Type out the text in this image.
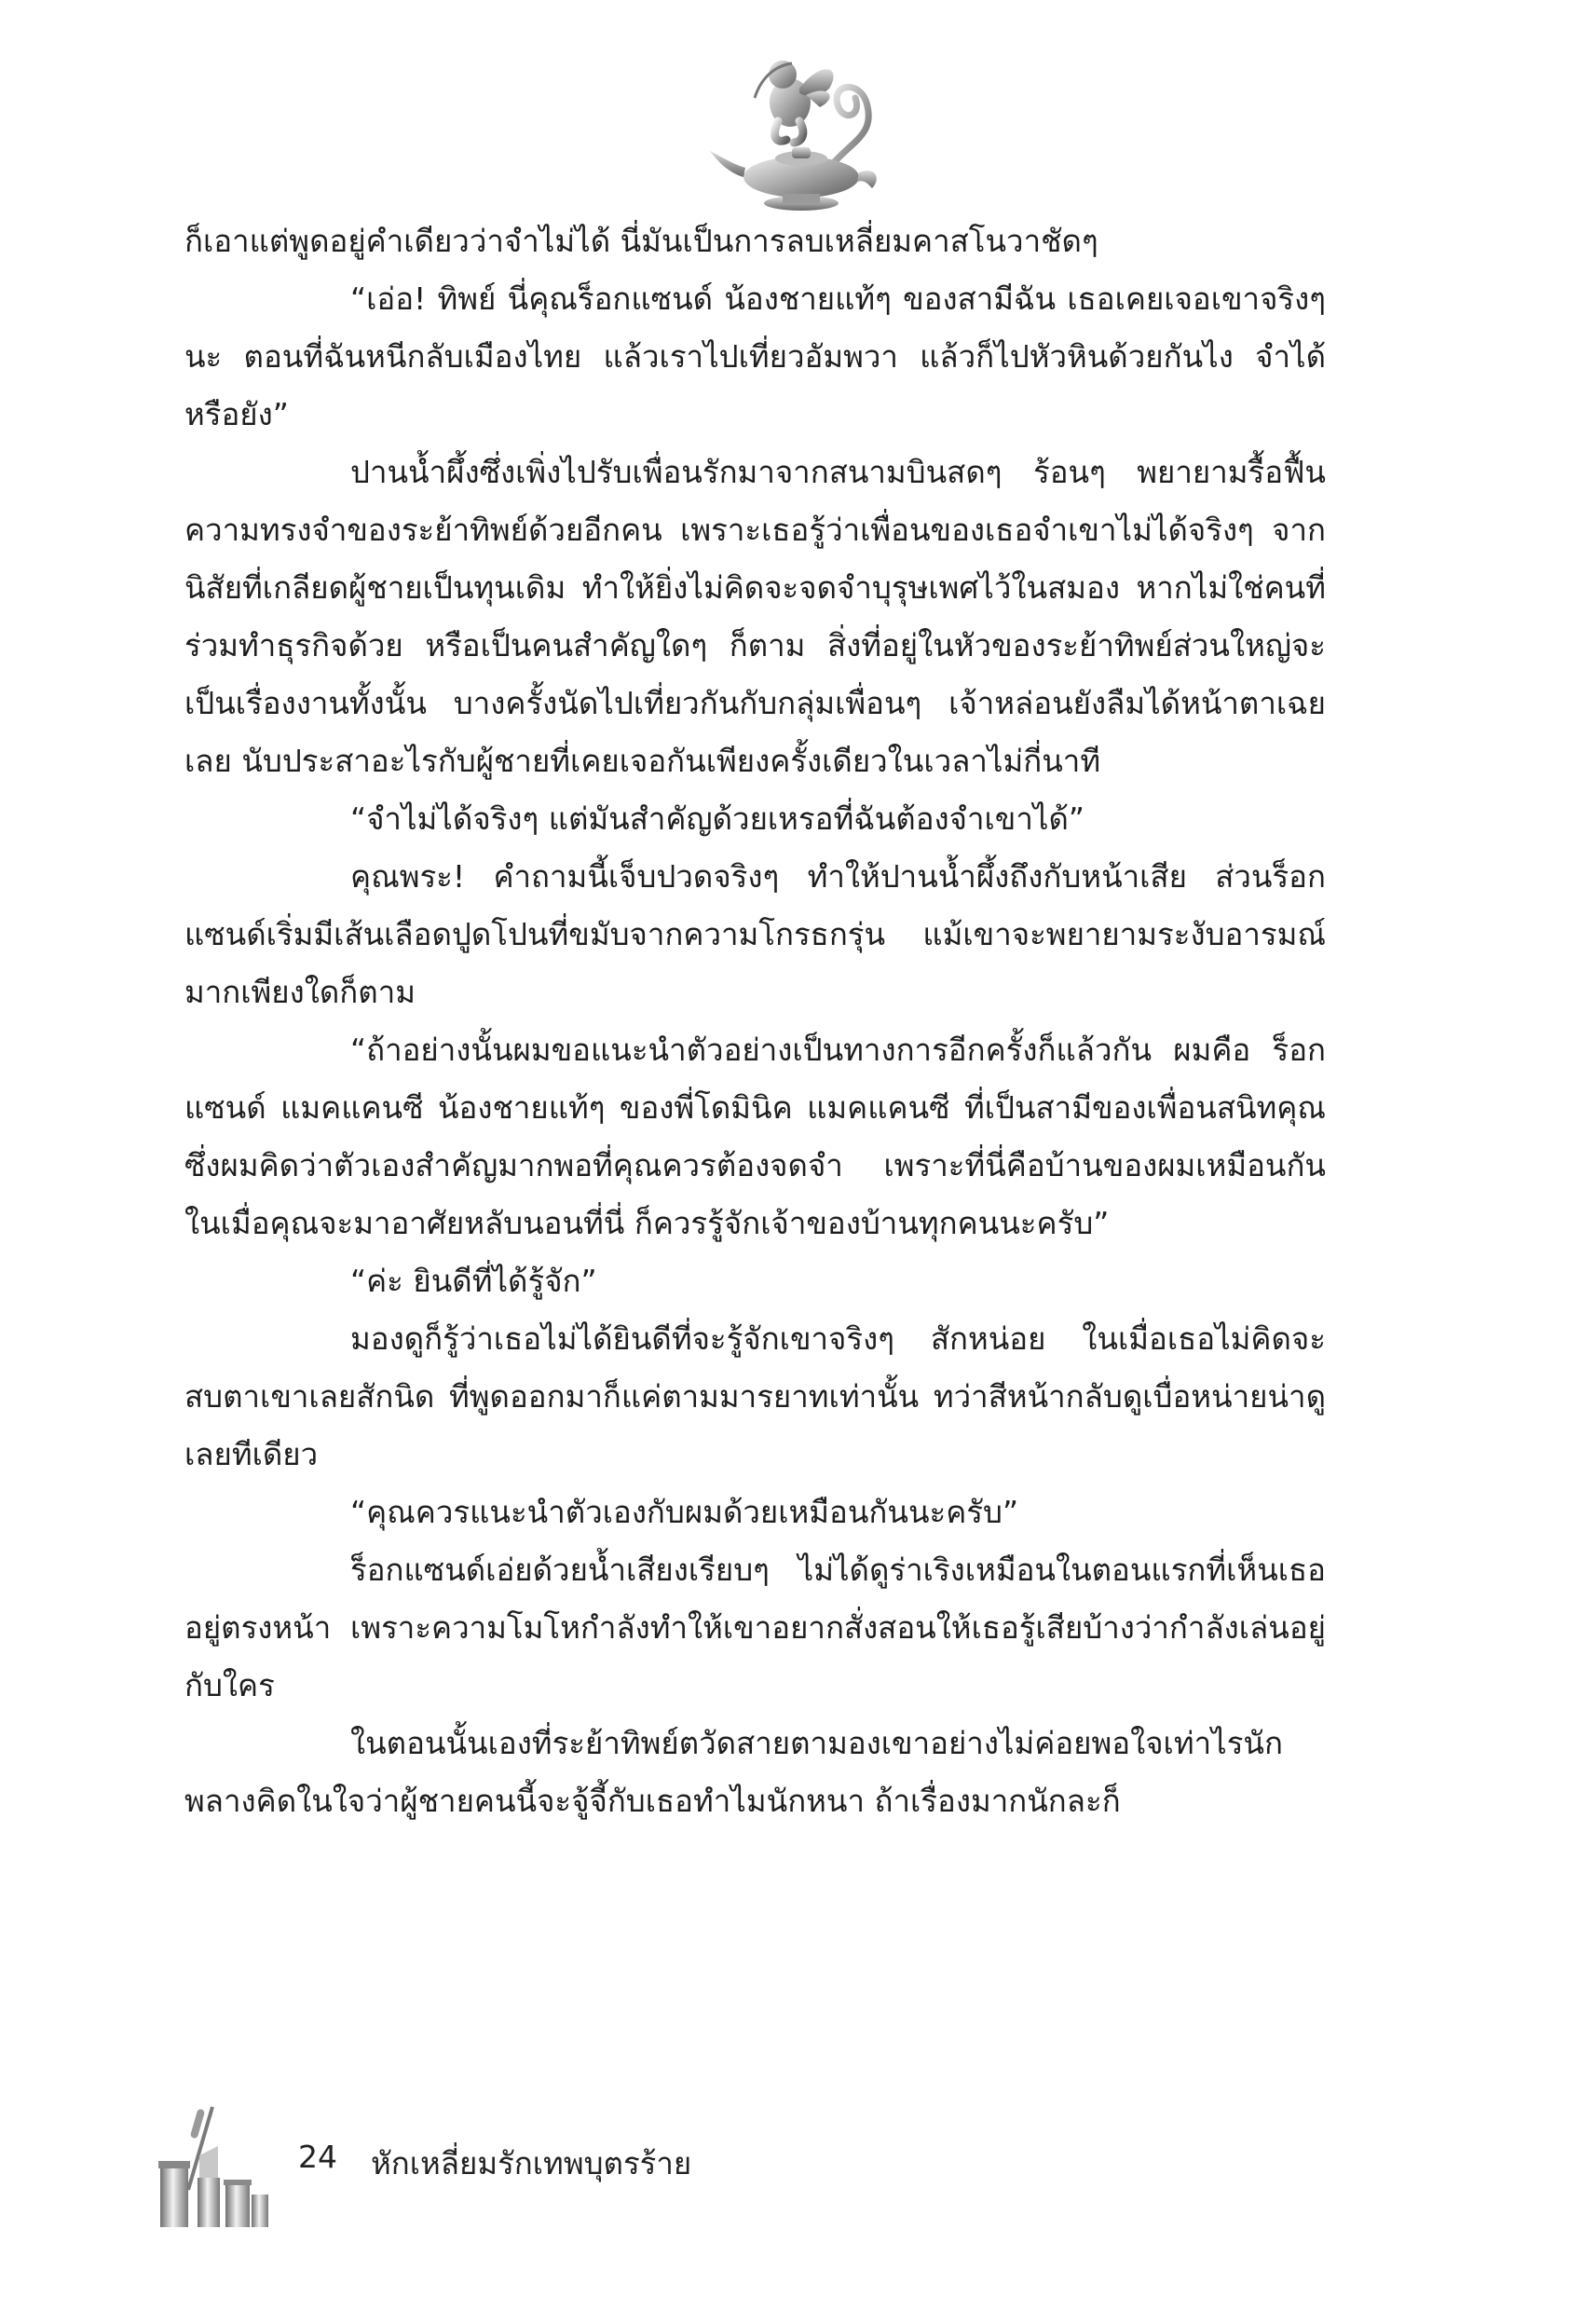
ก็เอาแต่พูดอยู่คำเดียวว่าจำไม่ได้ นี่มันเป็นการลบเหลี่ยมคาสโนวาชัดๆ

“เอ่อ! ทิพย์ นี่คุณร็อกแซนด์ น้องชายแท้ๆ ของสามีฉัน เธอเคยเจอเขาจริงๆ นะ ตอนที่ฉันหนีกลับเมืองไทย แล้วเราไปเที่ยวอัมพวา แล้วก็ไปหัวหินด้วยกันไง จำได้หรือยัง”

ปานน้ำผึ้งซึ่งเพิ่งไปรับเพื่อนรักมาจากสนามบินสดๆ ร้อนๆ พยายามรื้อฟื้นความทรงจำของระย้าทิพย์ด้วยอีกคน เพราะเธอรู้ว่าเพื่อนของเธอจำเขาไม่ได้จริงๆ จากนิสัยที่เกลียดผู้ชายเป็นทุนเดิม ทำให้ยิ่งไม่คิดจะจดจำบุรุษเพศไว้ในสมอง หากไม่ใช่คนที่ร่วมทำธุรกิจด้วย หรือเป็นคนสำคัญใดๆ ก็ตาม สิ่งที่อยู่ในหัวของระย้าทิพย์ส่วนใหญ่จะเป็นเรื่องงานทั้งนั้น บางครั้งนัดไปเที่ยวกันกับกลุ่มเพื่อนๆ เจ้าหล่อนยังลืมได้หน้าตาเฉยเลย นับประสาอะไรกับผู้ชายที่เคยเจอกันเพียงครั้งเดียวในเวลาไม่กี่นาที

“จำไม่ได้จริงๆ แต่มันสำคัญด้วยเหรอที่ฉันต้องจำเขาได้”

คุณพระ! คำถามนี้เจ็บปวดจริงๆ ทำให้ปานน้ำผึ้งถึงกับหน้าเสีย ส่วนร็อกแซนด์เริ่มมีเส้นเลือดปูดโปนที่ขมับจากความโกรธกรุ่น แม้เขาจะพยายามระงับอารมณ์มากเพียงใดก็ตาม

“ถ้าอย่างนั้นผมขอแนะนำตัวอย่างเป็นทางการอีกครั้งก็แล้วกัน ผมคือ ร็อกแซนด์ แมคแคนซี น้องชายแท้ๆ ของพี่โดมินิค แมคแคนซี ที่เป็นสามีของเพื่อนสนิทคุณ ซึ่งผมคิดว่าตัวเองสำคัญมากพอที่คุณควรต้องจดจำ เพราะที่นี่คือบ้านของผมเหมือนกัน ในเมื่อคุณจะมาอาศัยหลับนอนที่นี่ ก็ควรรู้จักเจ้าของบ้านทุกคนนะครับ”

“ค่ะ ยินดีที่ได้รู้จัก”

มองดูก็รู้ว่าเธอไม่ได้ยินดีที่จะรู้จักเขาจริงๆ สักหน่อย ในเมื่อเธอไม่คิดจะสบตาเขาเลยสักนิด ที่พูดออกมาก็แค่ตามมารยาทเท่านั้น ทว่าสีหน้ากลับดูเบื่อหน่ายน่าดูเลยทีเดียว

“คุณควรแนะนำตัวเองกับผมด้วยเหมือนกันนะครับ”

ร็อกแซนด์เอ่ยด้วยน้ำเสียงเรียบๆ ไม่ได้ดูร่าเริงเหมือนในตอนแรกที่เห็นเธออยู่ตรงหน้า เพราะความโมโหกำลังทำให้เขาอยากสั่งสอนให้เธอรู้เสียบ้างว่ากำลังเล่นอยู่กับใคร

ในตอนนั้นเองที่ระย้าทิพย์ตวัดสายตามองเขาอย่างไม่ค่อยพอใจเท่าไรนัก พลางคิดในใจว่าผู้ชายคนนี้จะจู้จี้กับเธอทำไมนักหนา ถ้าเรื่องมากนักละก็

24 หักเหลี่ยมรักเทพบุตรร้าย
